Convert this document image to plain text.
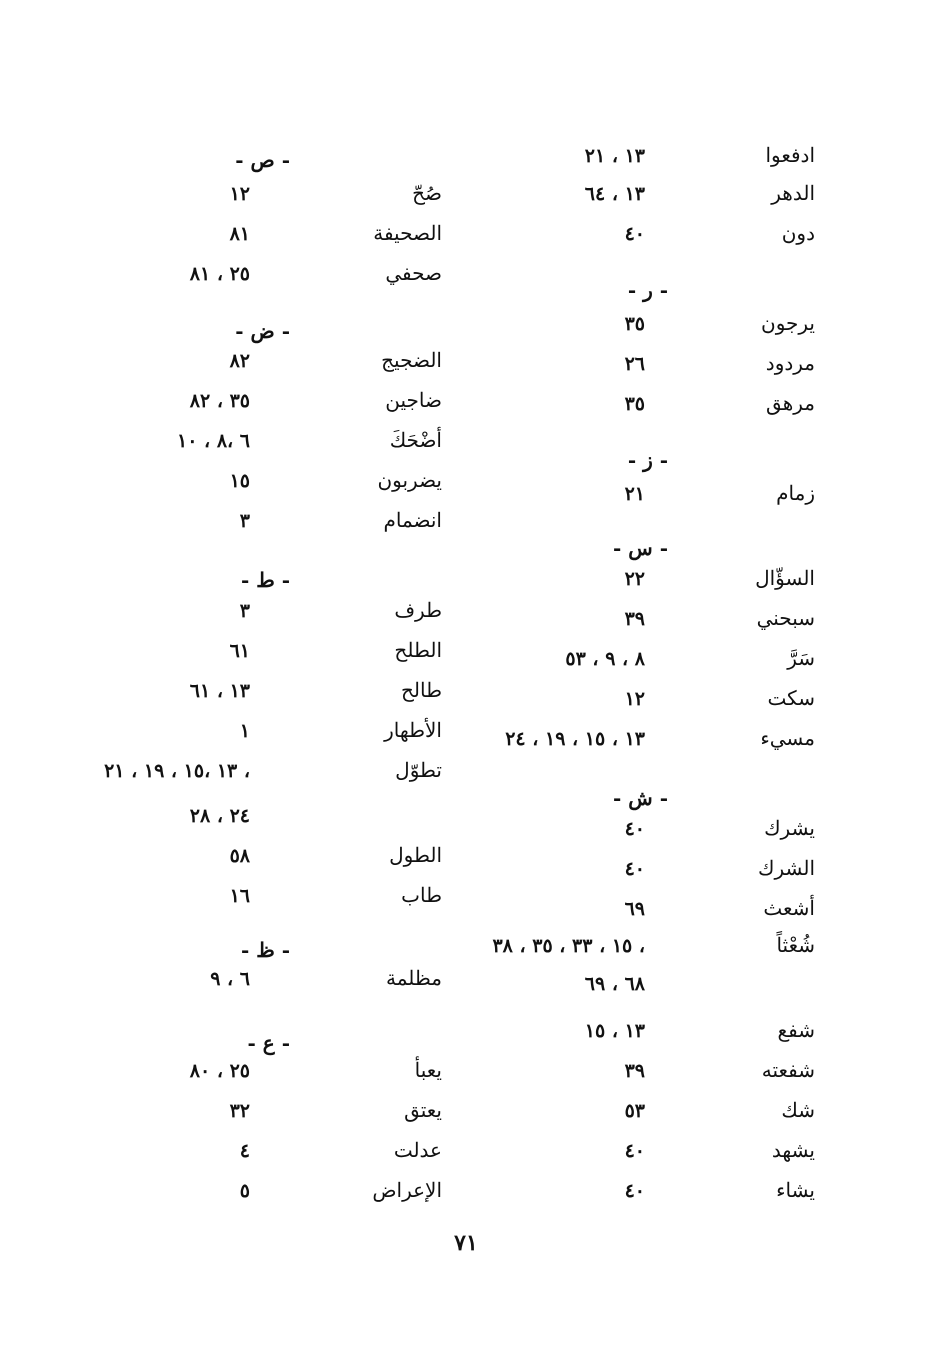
ادفعوا
١٣ ، ٢١
الدهر
١٣ ، ٦٤
دون
٤٠
- ر -
يرجون
٣٥
مردود
٢٦
مرهق
٣٥
- ز -
زمام
٢١
- س -
السؤّال
٢٢
سبحني
٣٩
سَرَّ
٨ ، ٩ ، ٥٣
سكت
١٢
مسيء
١٣ ، ١٥ ، ١٩ ، ٢٤
- ش -
يشرك
٤٠
الشرك
٤٠
أشعث
٦٩
شُعْثاً
١٥ ، ٣٣ ، ٣٥ ، ٣٨ ،
٦٨ ، ٦٩
شفع
١٣ ، ١٥
شفعته
٣٩
شك
٥٣
يشهد
٤٠
يشاء
٤٠
- ص -
صُحّ
١٢
الصحيفة
٨١
صحفي
٢٥ ، ٨١
- ض -
الضجيج
٨٢
ضاجين
٣٥ ، ٨٢
أضْحَكَ
٦ ،٨ ، ١٠
يضربون
١٥
انضمام
٣
- ط -
طرف
٣
الطلح
٦١
طالح
١٣ ، ٦١
الأطهار
١
تطوّل
١٣ ،١٥ ، ١٩ ، ٢١ ،
٢٤ ، ٢٨
الطول
٥٨
طاب
١٦
- ظ -
مظلمة
٦ ، ٩
- ع -
يعبأ
٢٥ ، ٨٠
يعتق
٣٢
عدلت
٤
الإعراض
٥
٧١
